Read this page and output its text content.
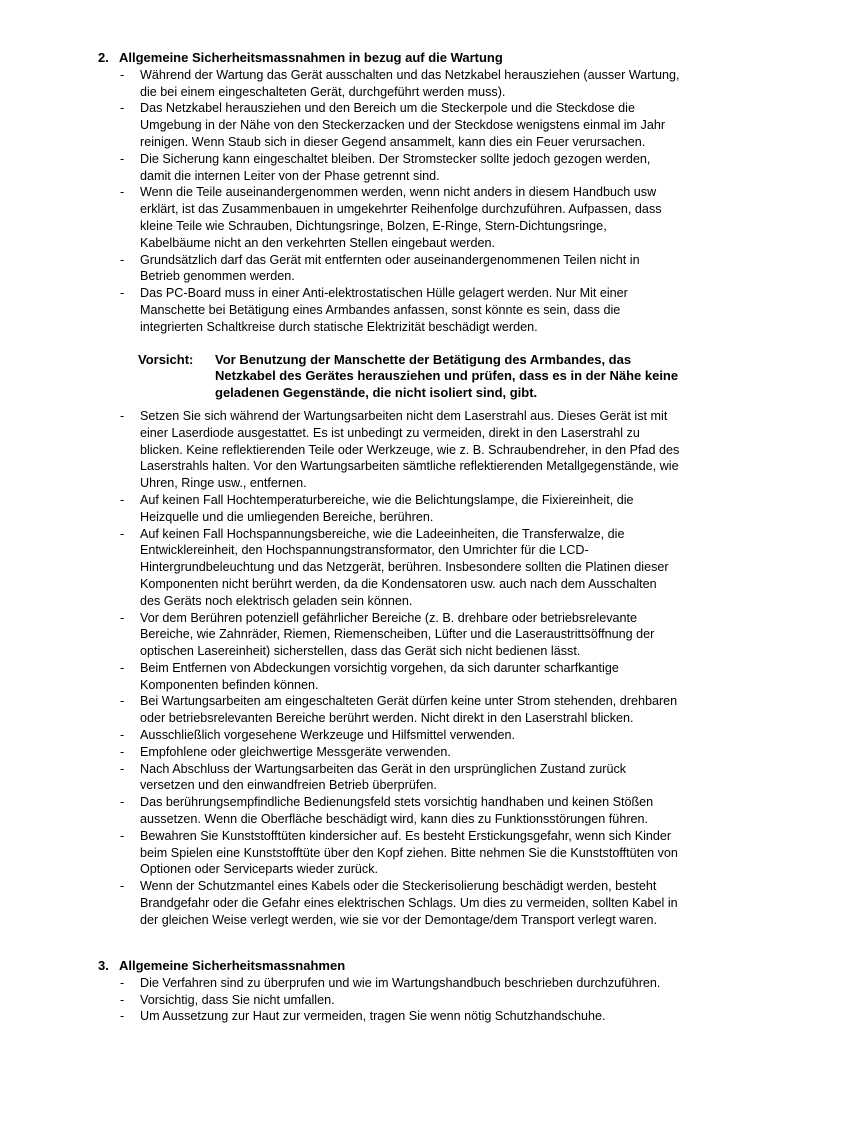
2. Allgemeine Sicherheitsmassnahmen in bezug auf die Wartung

- Während der Wartung das Gerät ausschalten und das Netzkabel herausziehen (ausser Wartung,
die bei einem eingeschalteten Gerät, durchgeführt werden muss).
- Das Netzkabel herausziehen und den Bereich um die Steckerpole und die Steckdose die
Umgebung in der Nähe von den Steckerzacken und der Steckdose wenigstens einmal im Jahr
reinigen. Wenn Staub sich in dieser Gegend ansammelt, kann dies ein Feuer verursachen.
- Die Sicherung kann eingeschaltet bleiben. Der Stromstecker sollte jedoch gezogen werden,
damit die internen Leiter von der Phase getrennt sind.
- Wenn die Teile auseinandergenommen werden, wenn nicht anders in diesem Handbuch usw
erklärt, ist das Zusammenbauen in umgekehrter Reihenfolge durchzuführen. Aufpassen, dass
kleine Teile wie Schrauben, Dichtungsringe, Bolzen, E-Ringe, Stern-Dichtungsringe,
Kabelbäume nicht an den verkehrten Stellen eingebaut werden.
- Grundsätzlich darf das Gerät mit entfernten oder auseinandergenommenen Teilen nicht in
Betrieb genommen werden.
- Das PC-Board muss in einer Anti-elektrostatischen Hülle gelagert werden. Nur Mit einer
Manschette bei Betätigung eines Armbandes anfassen, sonst könnte es sein, dass die
integrierten Schaltkreise durch statische Elektrizität beschädigt werden.
Vorsicht:	Vor Benutzung der Manschette der Betätigung des Armbandes, das
Netzkabel des Gerätes herausziehen und prüfen, dass es in der Nähe keine
geladenen Gegenstände, die nicht isoliert sind, gibt.
- Setzen Sie sich während der Wartungsarbeiten nicht dem Laserstrahl aus. Dieses Gerät ist mit
einer Laserdiode ausgestattet. Es ist unbedingt zu vermeiden, direkt in den Laserstrahl zu
blicken. Keine reflektierenden Teile oder Werkzeuge, wie z. B. Schraubendreher, in den Pfad des
Laserstrahls halten. Vor den Wartungsarbeiten sämtliche reflektierenden Metallgegenstände, wie
Uhren, Ringe usw., entfernen.
- Auf keinen Fall Hochtemperaturbereiche, wie die Belichtungslampe, die Fixiereinheit, die
Heizquelle und die umliegenden Bereiche, berühren.
- Auf keinen Fall Hochspannungsbereiche, wie die Ladeeinheiten, die Transferwalze, die
Entwicklereinheit, den Hochspannungstransformator, den Umrichter für die LCD-
Hintergrundbeleuchtung und das Netzgerät, berühren. Insbesondere sollten die Platinen dieser
Komponenten nicht berührt werden, da die Kondensatoren usw. auch nach dem Ausschalten
des Geräts noch elektrisch geladen sein können.
- Vor dem Berühren potenziell gefährlicher Bereiche (z. B. drehbare oder betriebsrelevante
Bereiche, wie Zahnräder, Riemen, Riemenscheiben, Lüfter und die Laseraustrittsöffnung der
optischen Lasereinheit) sicherstellen, dass das Gerät sich nicht bedienen lässt.
- Beim Entfernen von Abdeckungen vorsichtig vorgehen, da sich darunter scharfkantige
Komponenten befinden können.
- Bei Wartungsarbeiten am eingeschalteten Gerät dürfen keine unter Strom stehenden, drehbaren
oder betriebsrelevanten Bereiche berührt werden. Nicht direkt in den Laserstrahl blicken.
- Ausschließlich vorgesehene Werkzeuge und Hilfsmittel verwenden.
- Empfohlene oder gleichwertige Messgeräte verwenden.
- Nach Abschluss der Wartungsarbeiten das Gerät in den ursprünglichen Zustand zurück
versetzen und den einwandfreien Betrieb überprüfen.
- Das berührungsempfindliche Bedienungsfeld stets vorsichtig handhaben und keinen Stößen
aussetzen. Wenn die Oberfläche beschädigt wird, kann dies zu Funktionsstörungen führen.
- Bewahren Sie Kunststofftüten kindersicher auf. Es besteht Erstickungsgefahr, wenn sich Kinder
beim Spielen eine Kunststofftüte über den Kopf ziehen. Bitte nehmen Sie die Kunststofftüten von
Optionen oder Serviceparts wieder zurück.
- Wenn der Schutzmantel eines Kabels oder die Steckerisolierung beschädigt werden, besteht
Brandgefahr oder die Gefahr eines elektrischen Schlags. Um dies zu vermeiden, sollten Kabel in
der gleichen Weise verlegt werden, wie sie vor der Demontage/dem Transport verlegt waren.

3. Allgemeine Sicherheitsmassnahmen

- Die Verfahren sind zu überprufen und wie im Wartungshandbuch beschrieben durchzuführen.
- Vorsichtig, dass Sie nicht umfallen.
- Um Aussetzung zur Haut zur vermeiden, tragen Sie wenn nötig Schutzhandschuhe.
